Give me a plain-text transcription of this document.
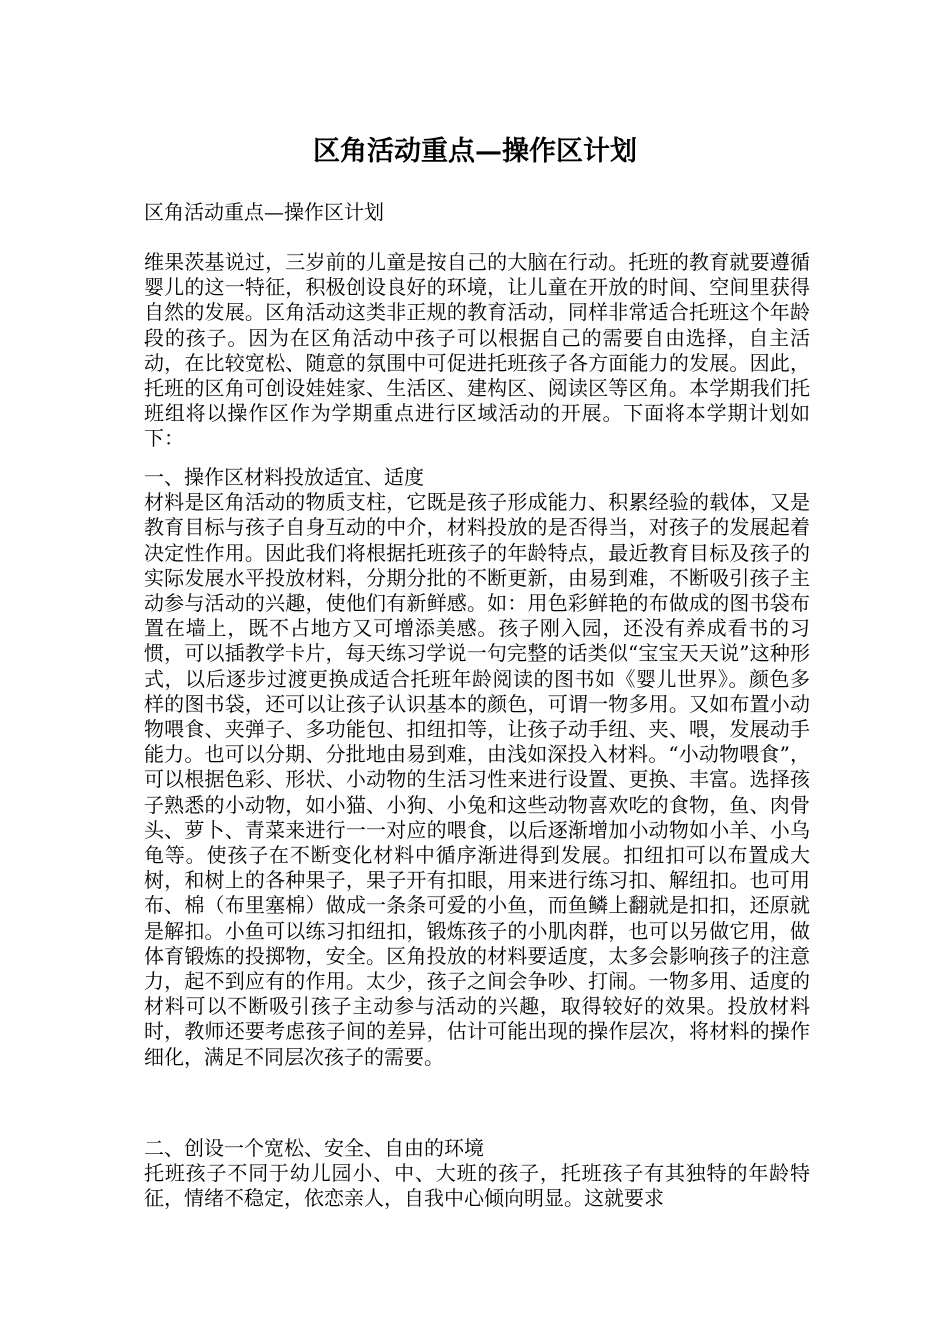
区角活动重点—操作区计划
区角活动重点—操作区计划

维果茨基说过，三岁前的儿童是按自己的大脑在行动。托班的教育就要遵循婴儿的这一特征，积极创设良好的环境，让儿童在开放的时间、空间里获得自然的发展。区角活动这类非正规的教育活动，同样非常适合托班这个年龄段的孩子。因为在区角活动中孩子可以根据自己的需要自由选择，自主活动，在比较宽松、随意的氛围中可促进托班孩子各方面能力的发展。因此，托班的区角可创设娃娃家、生活区、建构区、阅读区等区角。本学期我们托班组将以操作区作为学期重点进行区域活动的开展。下面将本学期计划如下：

一、操作区材料投放适宜、适度

材料是区角活动的物质支柱，它既是孩子形成能力、积累经验的载体，又是教育目标与孩子自身互动的中介，材料投放的是否得当，对孩子的发展起着决定性作用。因此我们将根据托班孩子的年龄特点，最近教育目标及孩子的实际发展水平投放材料，分期分批的不断更新，由易到难，不断吸引孩子主动参与活动的兴趣，使他们有新鲜感。如：用色彩鲜艳的布做成的图书袋布置在墙上，既不占地方又可增添美感。孩子刚入园，还没有养成看书的习惯，可以插教学卡片，每天练习学说一句完整的话类似“宝宝天天说”这种形式，以后逐步过渡更换成适合托班年龄阅读的图书如《婴儿世界》。颜色多样的图书袋，还可以让孩子认识基本的颜色，可谓一物多用。又如布置小动物喂食、夹弹子、多功能包、扣纽扣等，让孩子动手纽、夹、喂，发展动手能力。也可以分期、分批地由易到难，由浅如深投入材料。“小动物喂食”，可以根据色彩、形状、小动物的生活习性来进行设置、更换、丰富。选择孩子熟悉的小动物，如小猫、小狗、小兔和这些动物喜欢吃的食物，鱼、肉骨头、萝卜、青菜来进行一一对应的喂食，以后逐渐增加小动物如小羊、小乌龟等。使孩子在不断变化材料中循序渐进得到发展。扣纽扣可以布置成大树，和树上的各种果子，果子开有扣眼，用来进行练习扣、解纽扣。也可用布、棉（布里塞棉）做成一条条可爱的小鱼，而鱼鳞上翻就是扣扣，还原就是解扣。小鱼可以练习扣纽扣，锻炼孩子的小肌肉群，也可以另做它用，做体育锻炼的投掷物，安全。区角投放的材料要适度，太多会影响孩子的注意力，起不到应有的作用。太少，孩子之间会争吵、打闹。一物多用、适度的材料可以不断吸引孩子主动参与活动的兴趣，取得较好的效果。投放材料时，教师还要考虑孩子间的差异，估计可能出现的操作层次，将材料的操作细化，满足不同层次孩子的需要。

二、创设一个宽松、安全、自由的环境

托班孩子不同于幼儿园小、中、大班的孩子，托班孩子有其独特的年龄特征，情绪不稳定，依恋亲人，自我中心倾向明显。这就要求
